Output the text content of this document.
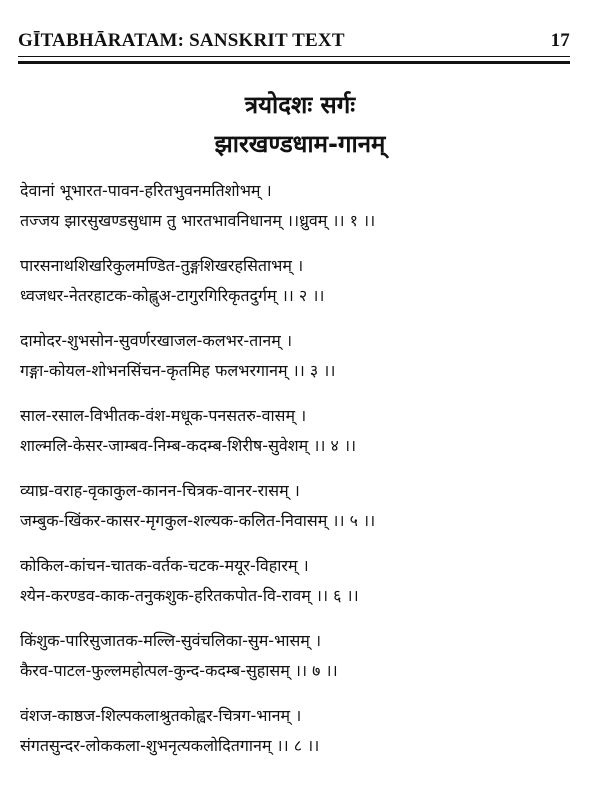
GĪTABHĀRATAM: SANSKRIT TEXT	17
त्रयोदशः सर्गः
झारखण्डधाम-गानम्
देवानां भूभारत-पावन-हरितभुवनमतिशोभम् ।
तज्जय झारसुखण्डसुधाम तु भारतभावनिधानम् ।।ध्रुवम् ।। १ ।।
पारसनाथशिखरिकुलमण्डित-तुङ्गशिखरहसिताभम् ।
ध्वजधर-नेतरहाटक-कोह्लुअ-टागुरगिरिकृतदुर्गम् ।। २ ।।
दामोदर-शुभसोन-सुवर्णरखाजल-कलभर-तानम् ।
गङ्गा-कोयल-शोभनसिंचन-कृतमिह फलभरगानम् ।। ३ ।।
साल-रसाल-विभीतक-वंश-मधूक-पनसतरु-वासम् ।
शाल्मलि-केसर-जाम्बव-निम्ब-कदम्ब-शिरीष-सुवेशम् ।। ४ ।।
व्याघ्र-वराह-वृकाकुल-कानन-चित्रक-वानर-रासम् ।
जम्बुक-खिंकर-कासर-मृगकुल-शल्यक-कलित-निवासम् ।। ५ ।।
कोकिल-कांचन-चातक-वर्तक-चटक-मयूर-विहारम् ।
श्येन-करण्डव-काक-तनुकशुक-हरितकपोत-वि-रावम् ।। ६ ।।
किंशुक-पारिसुजातक-मल्लि-सुवंचलिका-सुम-भासम् ।
कैरव-पाटल-फुल्लमहोत्पल-कुन्द-कदम्ब-सुहासम् ।। ७ ।।
वंशज-काष्ठज-शिल्पकलाश्रुतकोह्वर-चित्रग-भानम् ।
संगतसुन्दर-लोककला-शुभनृत्यकलोदितगानम् ।। ८ ।।
